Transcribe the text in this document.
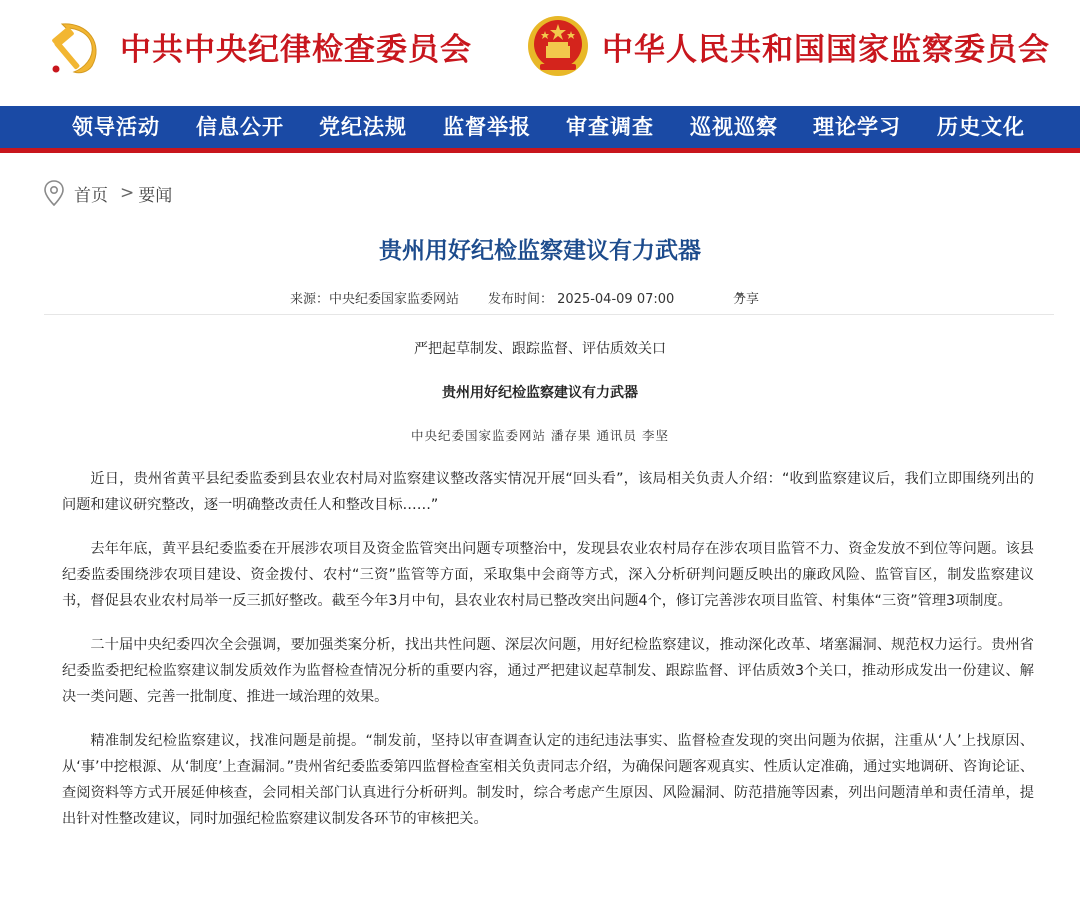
中共中央纪律检查委员会	中华人民共和国国家监察委员会
领导活动 信息公开 党纪法规 监督举报 审查调查 巡视巡察 理论学习 历史文化
首页 > 要闻
贵州用好纪检监察建议有力武器
来源：中央纪委国家监委网站 发布时间： 2025-04-09 07:00	分享
严把起草制发、跟踪监督、评估质效关口
贵州用好纪检监察建议有力武器
中央纪委国家监委网站 潘存果 通讯员 李坚

近日，贵州省黄平县纪委监委到县农业农村局对监察建议整改落实情况开展“回头看”，该局相关负责人介绍：“收到监察建议后，我们立即围绕列出的问题和建议研究整改，逐一明确整改责任人和整改目标……”

去年年底，黄平县纪委监委在开展涉农项目及资金监管突出问题专项整治中，发现县农业农村局存在涉农项目监管不力、资金发放不到位等问题。该县纪委监委围绕涉农项目建设、资金拨付、农村“三资”监管等方面，采取集中会商等方式，深入分析研判问题反映出的廉政风险、监管盲区，制发监察建议书，督促县农业农村局举一反三抓好整改。截至今年3月中旬，县农业农村局已整改突出问题4个，修订完善涉农项目监管、村集体“三资”管理3项制度。

二十届中央纪委四次全会强调，要加强类案分析，找出共性问题、深层次问题，用好纪检监察建议，推动深化改革、堵塞漏洞、规范权力运行。贵州省纪委监委把纪检监察建议制发质效作为监督检查情况分析的重要内容，通过严把建议起草制发、跟踪监督、评估质效3个关口，推动形成发出一份建议、解决一类问题、完善一批制度、推进一域治理的效果。

精准制发纪检监察建议，找准问题是前提。“制发前，坚持以审查调查认定的违纪违法事实、监督检查发现的突出问题为依据，注重从‘人’上找原因、从‘事’中挖根源、从‘制度’上查漏洞。”贵州省纪委监委第四监督检查室相关负责同志介绍，为确保问题客观真实、性质认定准确，通过实地调研、咨询论证、查阅资料等方式开展延伸核查，会同相关部门认真进行分析研判。制发时，综合考虑产生原因、风险漏洞、防范措施等因素，列出问题清单和责任清单，提出针对性整改建议，同时加强纪检监察建议制发各环节的审核把关。
